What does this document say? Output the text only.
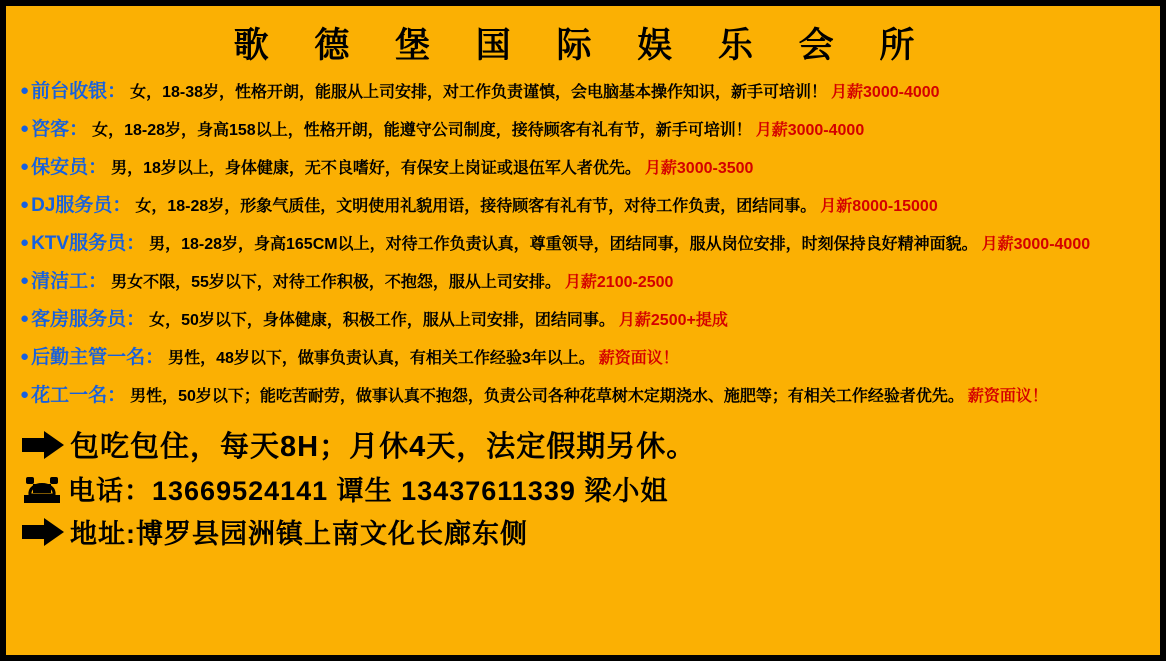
歌 德 堡 国 际 娱 乐 会 所
● 前台收银： 女，18-38岁，性格开朗，能服从上司安排，对工作负责谨慎，会电脑基本操作知识，新手可培训！ 月薪3000-4000
● 咨客： 女，18-28岁，身高158以上，性格开朗，能遵守公司制度，接待顾客有礼有节，新手可培训！ 月薪3000-4000
● 保安员： 男，18岁以上，身体健康，无不良嗜好，有保安上岗证或退伍军人者优先。 月薪3000-3500
● DJ服务员： 女，18-28岁，形象气质佳，文明使用礼貌用语，接待顾客有礼有节，对待工作负责，团结同事。 月新8000-15000
● KTV服务员： 男，18-28岁，身高165CM以上，对待工作负责认真，尊重领导，团结同事，服从岗位安排，时刻保持良好精神面貌。 月薪3000-4000
● 清洁工： 男女不限，55岁以下，对待工作积极，不抱怨，服从上司安排。 月薪2100-2500
● 客房服务员： 女，50岁以下，身体健康，积极工作，服从上司安排，团结同事。 月薪2500+提成
● 后勤主管一名： 男性，48岁以下，做事负责认真，有相关工作经验3年以上。 薪资面议！
● 花工一名： 男性，50岁以下；能吃苦耐劳，做事认真不抱怨，负责公司各种花草树木定期浇水、施肥等；有相关工作经验者优先。 薪资面议！
包吃包住，每天8H；月休4天，法定假期另休。
电话：13669524141 谭生 13437611339 梁小姐
地址:博罗县园洲镇上南文化长廊东侧
